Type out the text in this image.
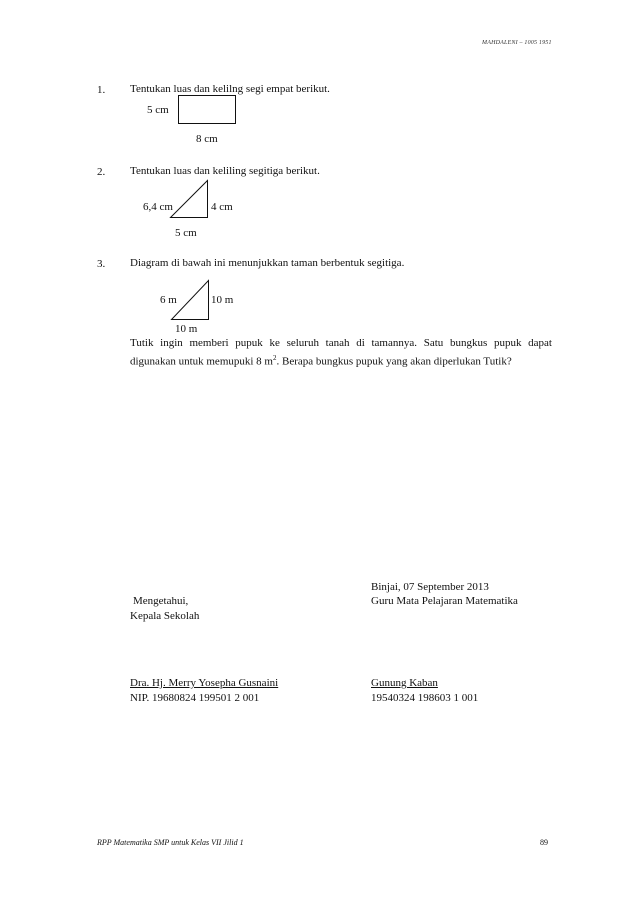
MAHDALENI – 1005 1951
1. Tentukan luas dan kelilng segi empat berikut.
5 cm
8 cm
2. Tentukan luas dan keliling segitiga berikut.
6,4 cm	4 cm
5 cm
3. Diagram di bawah ini menunjukkan taman berbentuk segitiga.
6 m	10 m
10 m
Tutik ingin memberi pupuk ke seluruh tanah di tamannya. Satu bungkus pupuk dapat digunakan untuk memupuki 8 $m^2$. Berapa bungkus pupuk yang akan diperlukan Tutik?
Binjai, 07 September 2013
Mengetahui,	Guru Mata Pelajaran Matematika
Kepala Sekolah
Dra. Hj. Merry Yosepha Gusnaini	Gunung Kaban
NIP. 19680824 199501 2 001	19540324 198603 1 001
RPP Matematika SMP untuk Kelas VII Jilid 1	89
